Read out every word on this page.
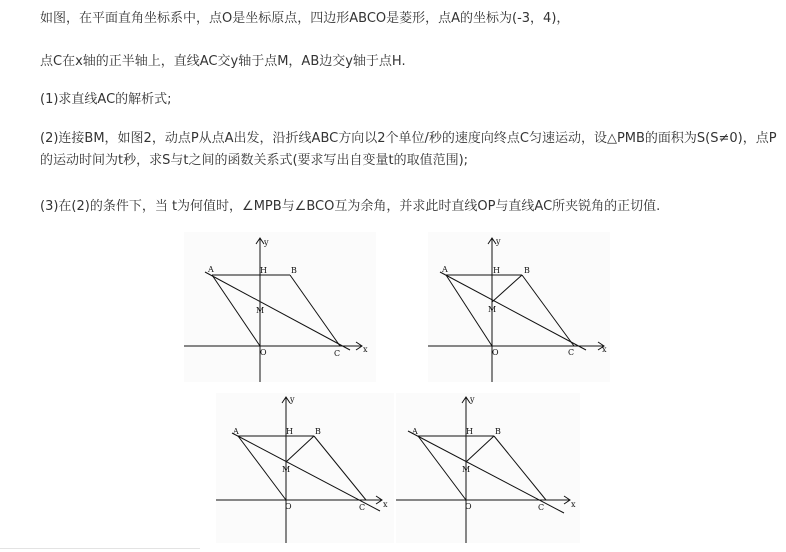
如图，在平面直角坐标系中，点O是坐标原点，四边形ABCO是菱形，点A的坐标为(-3，4)，
点C在x轴的正半轴上，直线AC交y轴于点M，AB边交y轴于点H.
(1)求直线AC的解析式;
(2)连接BM，如图2，动点P从点A出发，沿折线ABC方向以2个单位/秒的速度向终点C匀速运动，设△PMB的面积为S(S≠0)，点P的运动时间为t秒，求S与t之间的函数关系式(要求写出自变量t的取值范围);
(3)在(2)的条件下，当 t为何值时，∠MPB与∠BCO互为余角，并求此时直线OP与直线AC所夹锐角的正切值.
A	B
C
H
M
O	x
y
A	B
C
H
M
O	x
y
A	B
C
H
M
O	x
y
A	B
C
H
M
O	x
y
